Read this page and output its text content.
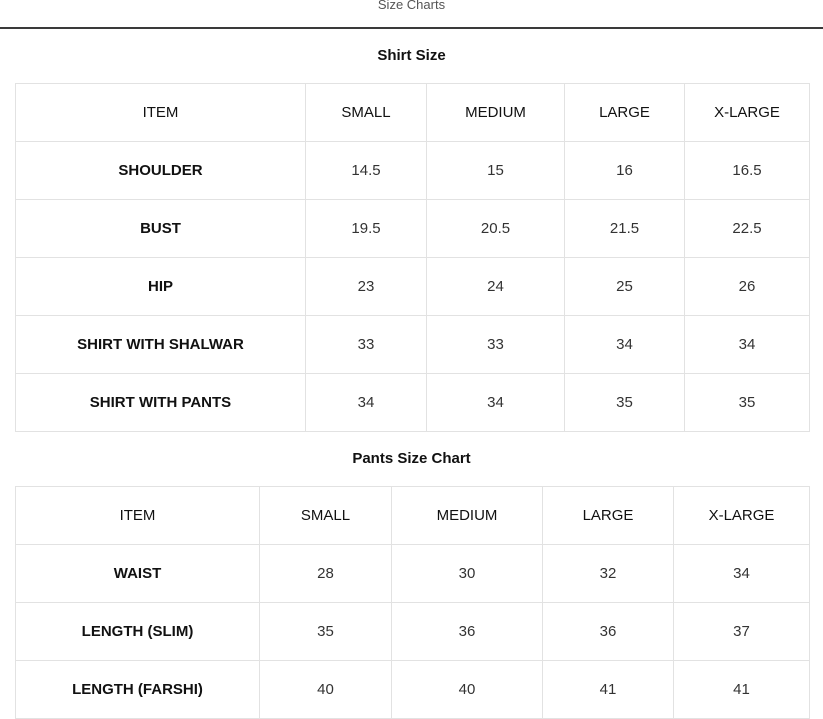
Size Charts
Shirt Size
ITEM	SMALL	MEDIUM	LARGE	X-LARGE
SHOULDER	14.5	15	16	16.5
BUST	19.5	20.5	21.5	22.5
HIP	23	24	25	26
SHIRT WITH SHALWAR	33	33	34	34
SHIRT WITH PANTS	34	34	35	35
Pants Size Chart
ITEM	SMALL	MEDIUM	LARGE	X-LARGE
WAIST	28	30	32	34
LENGTH (SLIM)	35	36	36	37
LENGTH (FARSHI)	40	40	41	41
